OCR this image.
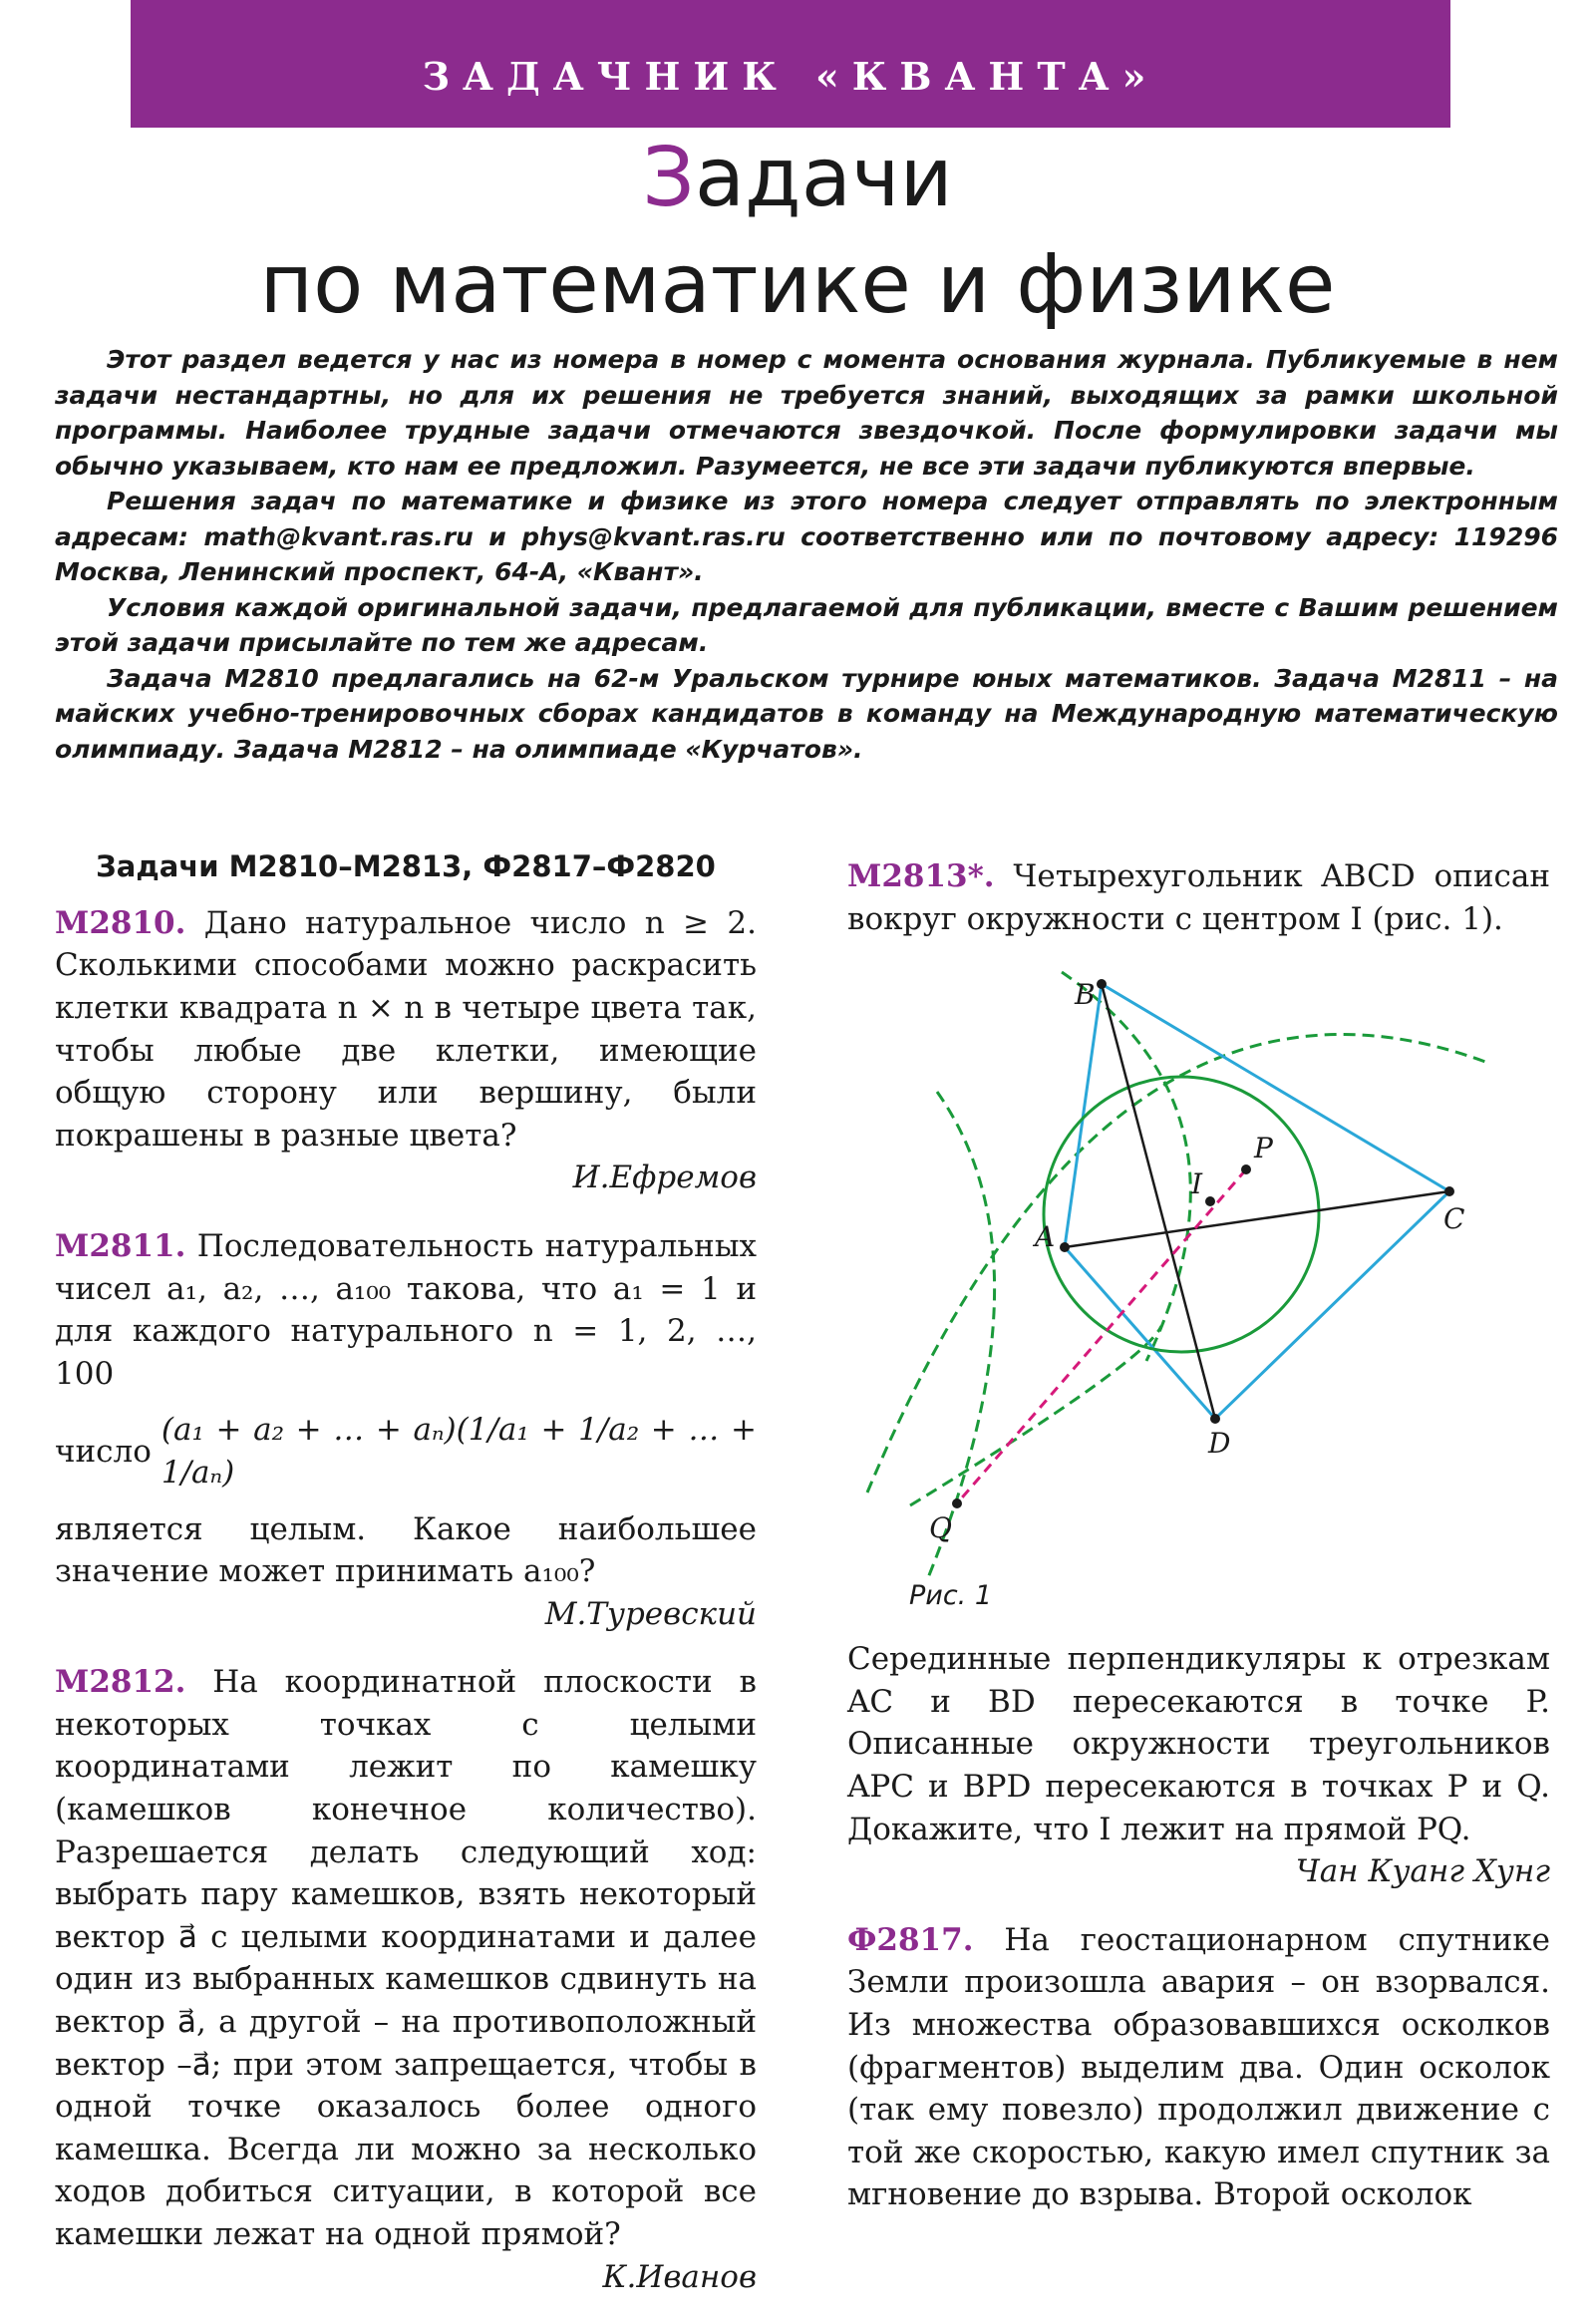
ЗАДАЧНИК «КВАНТА»
Задачи
по математике и физике

Этот раздел ведется у нас из номера в номер с момента основания журнала. Публикуемые в нем задачи нестандартны, но для их решения не требуется знаний, выходящих за рамки школьной программы. Наиболее трудные задачи отмечаются звездочкой. После формулировки задачи мы обычно указываем, кто нам ее предложил. Разумеется, не все эти задачи публикуются впервые.

Решения задач по математике и физике из этого номера следует отправлять по электронным адресам: math@kvant.ras.ru и phys@kvant.ras.ru соответственно или по почтовому адресу: 119296 Москва, Ленинский проспект, 64-А, «Квант».

Условия каждой оригинальной задачи, предлагаемой для публикации, вместе с Вашим решением этой задачи присылайте по тем же адресам.

Задача М2810 предлагались на 62-м Уральском турнире юных математиков. Задача М2811 – на майских учебно-тренировочных сборах кандидатов в команду на Международную математическую олимпиаду. Задача М2812 – на олимпиаде «Курчатов».

Задачи М2810–М2813, Ф2817–Ф2820

М2810. Дано натуральное число n ≥ 2. Сколькими способами можно раскрасить клетки квадрата n × n в четыре цвета так, чтобы любые две клетки, имеющие общую сторону или вершину, были покрашены в разные цвета?

И.Ефремов

М2811. Последовательность натуральных чисел a₁, a₂, …, a₁₀₀ такова, что a₁ = 1 и для каждого натурального n = 1, 2, …, 100

число
(a₁ + a₂ + … + aₙ)(1/a₁ + 1/a₂ + … + 1/aₙ)

является целым. Какое наибольшее значение может принимать a₁₀₀?

М.Туревский

М2812. На координатной плоскости в некоторых точках с целыми координатами лежит по камешку (камешков конечное количество). Разрешается делать следующий ход: выбрать пару камешков, взять некоторый вектор a⃗ с целыми координатами и далее один из выбранных камешков сдвинуть на вектор a⃗, а другой – на противоположный вектор –a⃗; при этом запрещается, чтобы в одной точке оказалось более одного камешка. Всегда ли можно за несколько ходов добиться ситуации, в которой все камешки лежат на одной прямой?

К.Иванов

М2813*. Четырехугольник ABCD описан вокруг окружности с центром I (рис. 1).

Серединные перпендикуляры к отрезкам AC и BD пересекаются в точке P. Описанные окружности треугольников APC и BPD пересекаются в точках P и Q. Докажите, что I лежит на прямой PQ.

Чан Куанг Хунг

Ф2817. На геостационарном спутнике Земли произошла авария – он взорвался. Из множества образовавшихся осколков (фрагментов) выделим два. Один осколок (так ему повезло) продолжил движение с той же скоростью, какую имел спутник за мгновение до взрыва. Второй осколок

B
C
A
D
P
I
Q
Рис. 1
